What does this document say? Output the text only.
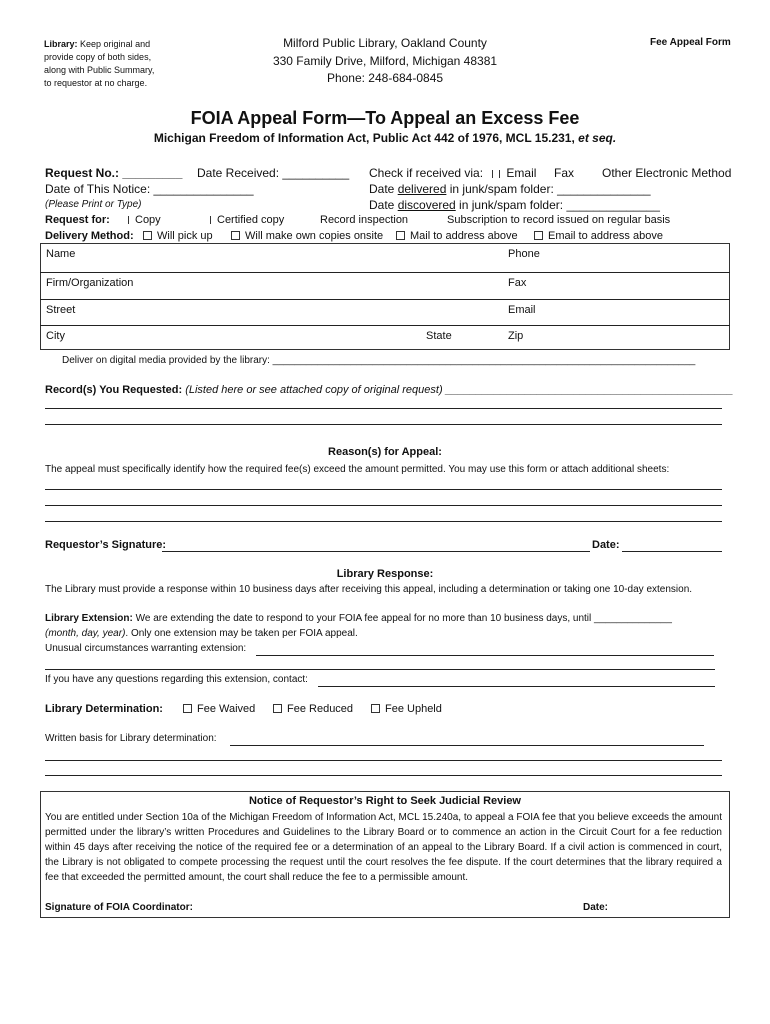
Library: Keep original and provide copy of both sides, along with Public Summary, to requestor at no charge.
Milford Public Library, Oakland County
330 Family Drive, Milford, Michigan 48381
Phone: 248-684-0845
Fee Appeal Form
FOIA Appeal Form—To Appeal an Excess Fee
Michigan Freedom of Information Act, Public Act 442 of 1976, MCL 15.231, et seq.
Request No.: _________ Date Received: __________ Check if received via: Email Fax Other Electronic Method
Date of This Notice: _______________	Date delivered in junk/spam folder: ______________
(Please Print or Type)	Date discovered in junk/spam folder: ______________
Request for:	Copy	Certified copy	Record inspection	Subscription to record issued on regular basis
Delivery Method:	Will pick up	Will make own copies onsite	Mail to address above	Email to address above
Name	Phone
Firm/Organization	Fax
Street	Email
City	State	Zip
Deliver on digital media provided by the library: ____________________________________________________________________________
Record(s) You Requested: (Listed here or see attached copy of original request) _______________________________________________
Reason(s) for Appeal:
The appeal must specifically identify how the required fee(s) exceed the amount permitted. You may use this form or attach additional sheets:
Requestor’s Signature:	Date:
Library Response:
The Library must provide a response within 10 business days after receiving this appeal, including a determination or taking one 10-day extension.
Library Extension: We are extending the date to respond to your FOIA fee appeal for no more than 10 business days, until ______________
(month, day, year). Only one extension may be taken per FOIA appeal.
Unusual circumstances warranting extension:
If you have any questions regarding this extension, contact:
Library Determination:	Fee Waived	Fee Reduced	Fee Upheld
Written basis for Library determination:
Notice of Requestor’s Right to Seek Judicial Review
You are entitled under Section 10a of the Michigan Freedom of Information Act, MCL 15.240a, to appeal a FOIA fee that you believe exceeds the amount permitted under the library’s written Procedures and Guidelines to the Library Board or to commence an action in the Circuit Court for a fee reduction within 45 days after receiving the notice of the required fee or a determination of an appeal to the Library Board. If a civil action is commenced in court, the Library is not obligated to compete processing the request until the court resolves the fee dispute. If the court determines that the library required a fee that exceeded the permitted amount, the court shall reduce the fee to a permissible amount.
Signature of FOIA Coordinator:	Date:
